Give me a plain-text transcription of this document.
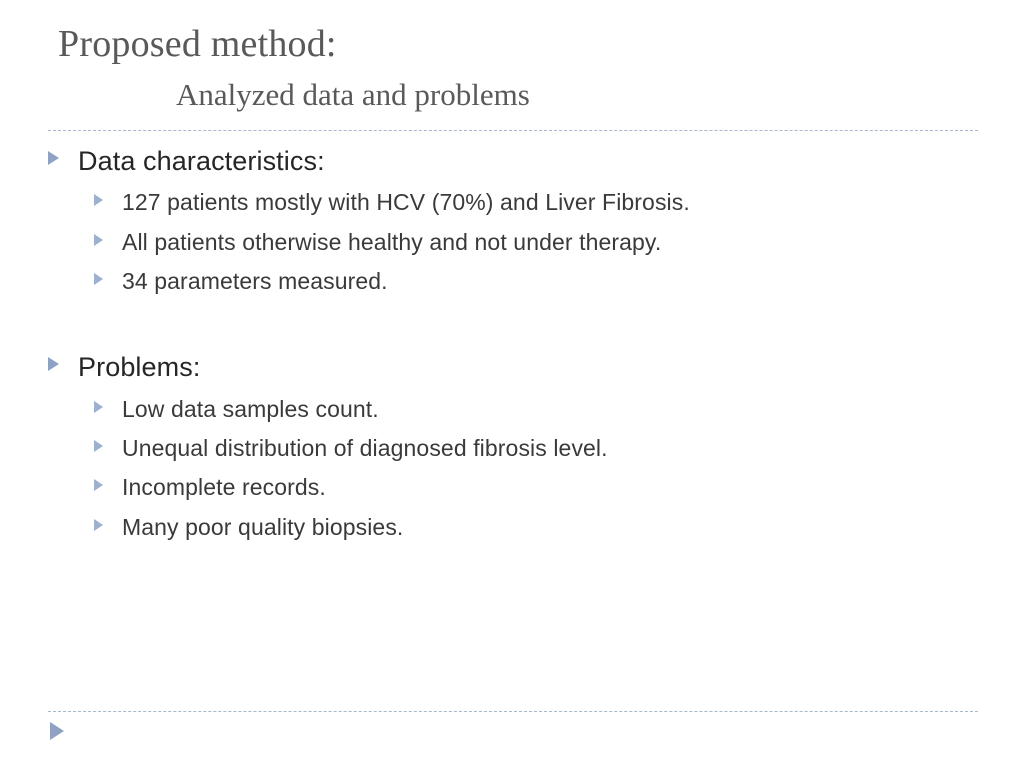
Proposed method:
Analyzed data and problems
Data characteristics:
127 patients mostly with HCV (70%) and Liver Fibrosis.
All patients otherwise healthy and not under therapy.
34 parameters measured.
Problems:
Low data samples count.
Unequal distribution of diagnosed fibrosis level.
Incomplete records.
Many poor quality biopsies.
